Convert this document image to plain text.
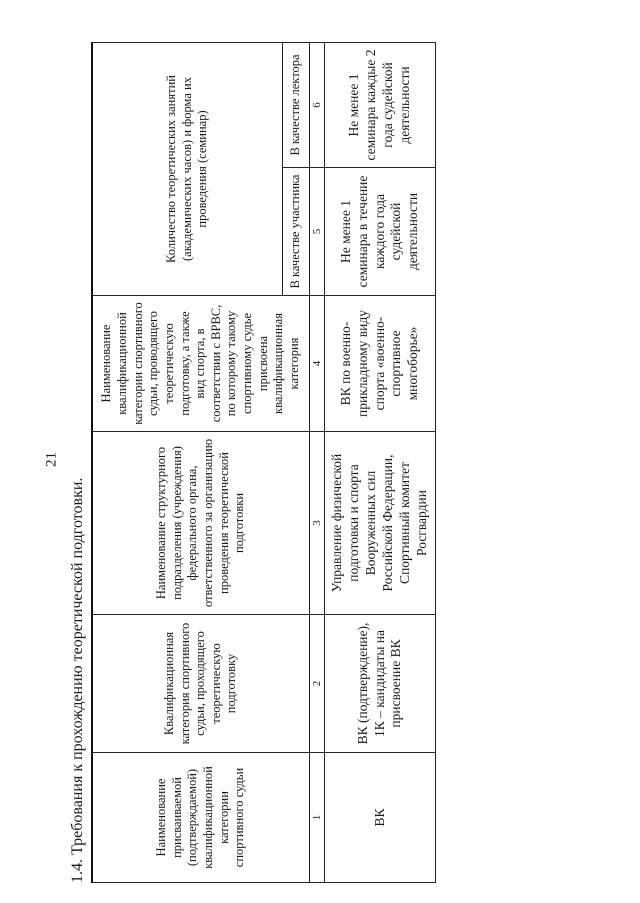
21
1.4. Требования к прохождению теоретической подготовки.	Наименование присваиваемой (подтверждаемой) квалификационной категории спортивного судьи	Квалификационная категория спортивного судьи, проходящего теоретическую подготовку	Наименование структурного подразделения (учреждения) федерального органа, ответственного за организацию проведения теоретической подготовки	Наименование квалификационной категории спортивного судьи, проводящего теоретическую подготовку, а также вид спорта, в соответствии с ВРВС, по которому такому спортивному судье присвоена квалификационная категория	Количество теоретических занятий (академических часов) и форма их проведения (семинар)	
				В качестве участника	В качестве лектора
1	2	3	4	5	6
ВК	ВК (подтверждение), 1К – кандидаты на присвоение ВК	Управление физической подготовки и спорта Вооруженных сил Российской Федерации, Спортивный комитет Росгвардии	ВК по военно-прикладному виду спорта «военно-спортивное многоборье»	Не менее 1 семинара в течение каждого года судейской деятельности	Не менее 1 семинара каждые 2 года судейской деятельности
